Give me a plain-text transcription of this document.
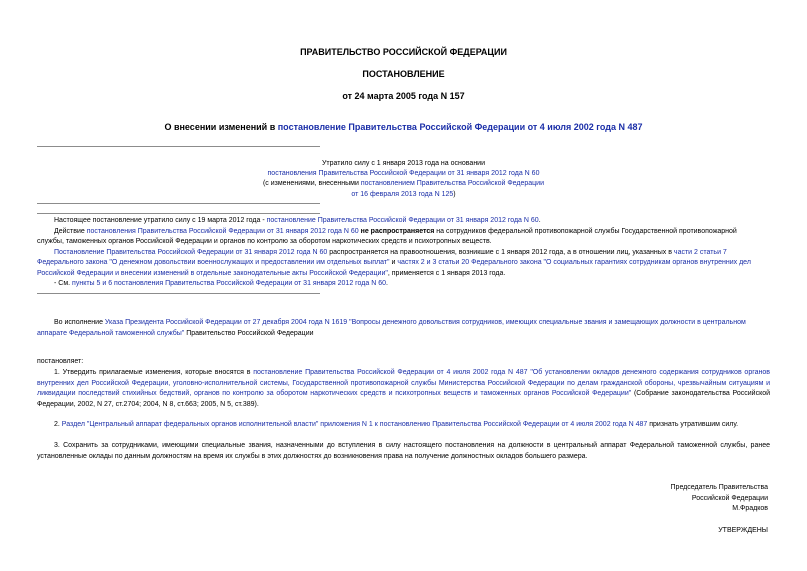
ПРАВИТЕЛЬСТВО РОССИЙСКОЙ ФЕДЕРАЦИИ
ПОСТАНОВЛЕНИЕ
от 24 марта 2005 года N 157
О внесении изменений в постановление Правительства Российской Федерации от 4 июля 2002 года N 487
Утратило силу с 1 января 2013 года на основании
постановления Правительства Российской Федерации от 31 января 2012 года N 60
(с изменениями, внесенными постановлением Правительства Российской Федерации
от 16 февраля 2013 года N 125)
Настоящее постановление утратило силу с 19 марта 2012 года - постановление Правительства Российской Федерации от 31 января 2012 года N 60.
Действие постановления Правительства Российской Федерации от 31 января 2012 года N 60 не распространяется на сотрудников федеральной противопожарной службы Государственной противопожарной
службы, таможенных органов Российской Федерации и органов по контролю за оборотом наркотических средств и психотропных веществ.
Постановление Правительства Российской Федерации от 31 января 2012 года N 60 распространяется на правоотношения, возникшие с 1 января 2012 года, а в отношении лиц, указанных в части 2 статьи 7
Федерального закона "О денежном довольствии военнослужащих и предоставлении им отдельных выплат" и частях 2 и 3 статьи 20 Федерального закона "О социальных гарантиях сотрудникам органов внутренних дел
Российской Федерации и внесении изменений в отдельные законодательные акты Российской Федерации", применяется с 1 января 2013 года.
- См. пункты 5 и 6 постановления Правительства Российской Федерации от 31 января 2012 года N 60.
Во исполнение Указа Президента Российской Федерации от 27 декабря 2004 года N 1619 "Вопросы денежного довольствия сотрудников, имеющих специальные звания и замещающих должности в центральном
аппарате Федеральной таможенной службы" Правительство Российской Федерации
постановляет:
1. Утвердить прилагаемые изменения, которые вносятся в постановление Правительства Российской Федерации от 4 июля 2002 года N 487 "Об установлении окладов денежного содержания сотрудников органов внутренних дел Российской Федерации, уголовно-исполнительной системы, Государственной противопожарной службы Министерства Российской Федерации по делам гражданской обороны, чрезвычайным ситуациям и ликвидации последствий стихийных бедствий, органов по контролю за оборотом наркотических средств и психотропных веществ и таможенных органов Российской Федерации" (Собрание законодательства Российской Федерации, 2002, N 27, ст.2704; 2004, N 8, ст.663; 2005, N 5, ст.389).
2. Раздел "Центральный аппарат федеральных органов исполнительной власти" приложения N 1 к постановлению Правительства Российской Федерации от 4 июля 2002 года N 487 признать утратившим силу.
3. Сохранить за сотрудниками, имеющими специальные звания, назначенными до вступления в силу настоящего постановления на должности в центральный аппарат Федеральной таможенной службы, ранее установленные оклады по данным должностям на время их службы в этих должностях до возникновения права на получение должностных окладов большего размера.
Председатель Правительства
Российской Федерации
М.Фрадков
УТВЕРЖДЕНЫ
